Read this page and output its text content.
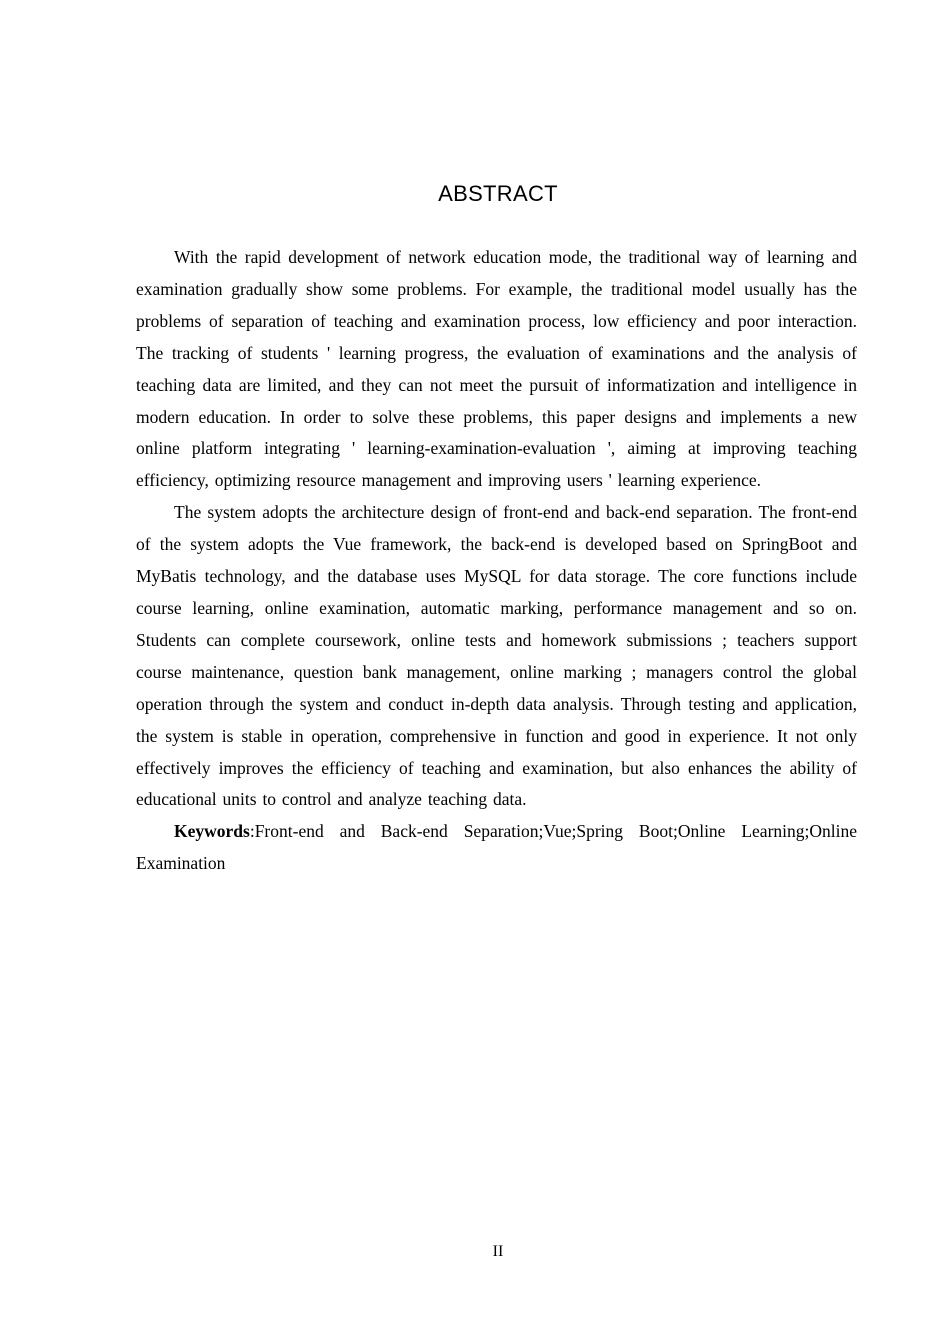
ABSTRACT

With the rapid development of network education mode, the traditional way of learning and examination gradually show some problems. For example, the traditional model usually has the problems of separation of teaching and examination process, low efficiency and poor interaction. The tracking of students ' learning progress, the evaluation of examinations and the analysis of teaching data are limited, and they can not meet the pursuit of informatization and intelligence in modern education. In order to solve these problems, this paper designs and implements a new online platform integrating ' learning-examination-evaluation ', aiming at improving teaching efficiency, optimizing resource management and improving users ' learning experience.

The system adopts the architecture design of front-end and back-end separation. The front-end of the system adopts the Vue framework, the back-end is developed based on SpringBoot and MyBatis technology, and the database uses MySQL for data storage. The core functions include course learning, online examination, automatic marking, performance management and so on. Students can complete coursework, online tests and homework submissions ; teachers support course maintenance, question bank management, online marking ; managers control the global operation through the system and conduct in-depth data analysis. Through testing and application, the system is stable in operation, comprehensive in function and good in experience. It not only effectively improves the efficiency of teaching and examination, but also enhances the ability of educational units to control and analyze teaching data.

Keywords:Front-end and Back-end Separation;Vue;Spring Boot;Online Learning;Online Examination

II
